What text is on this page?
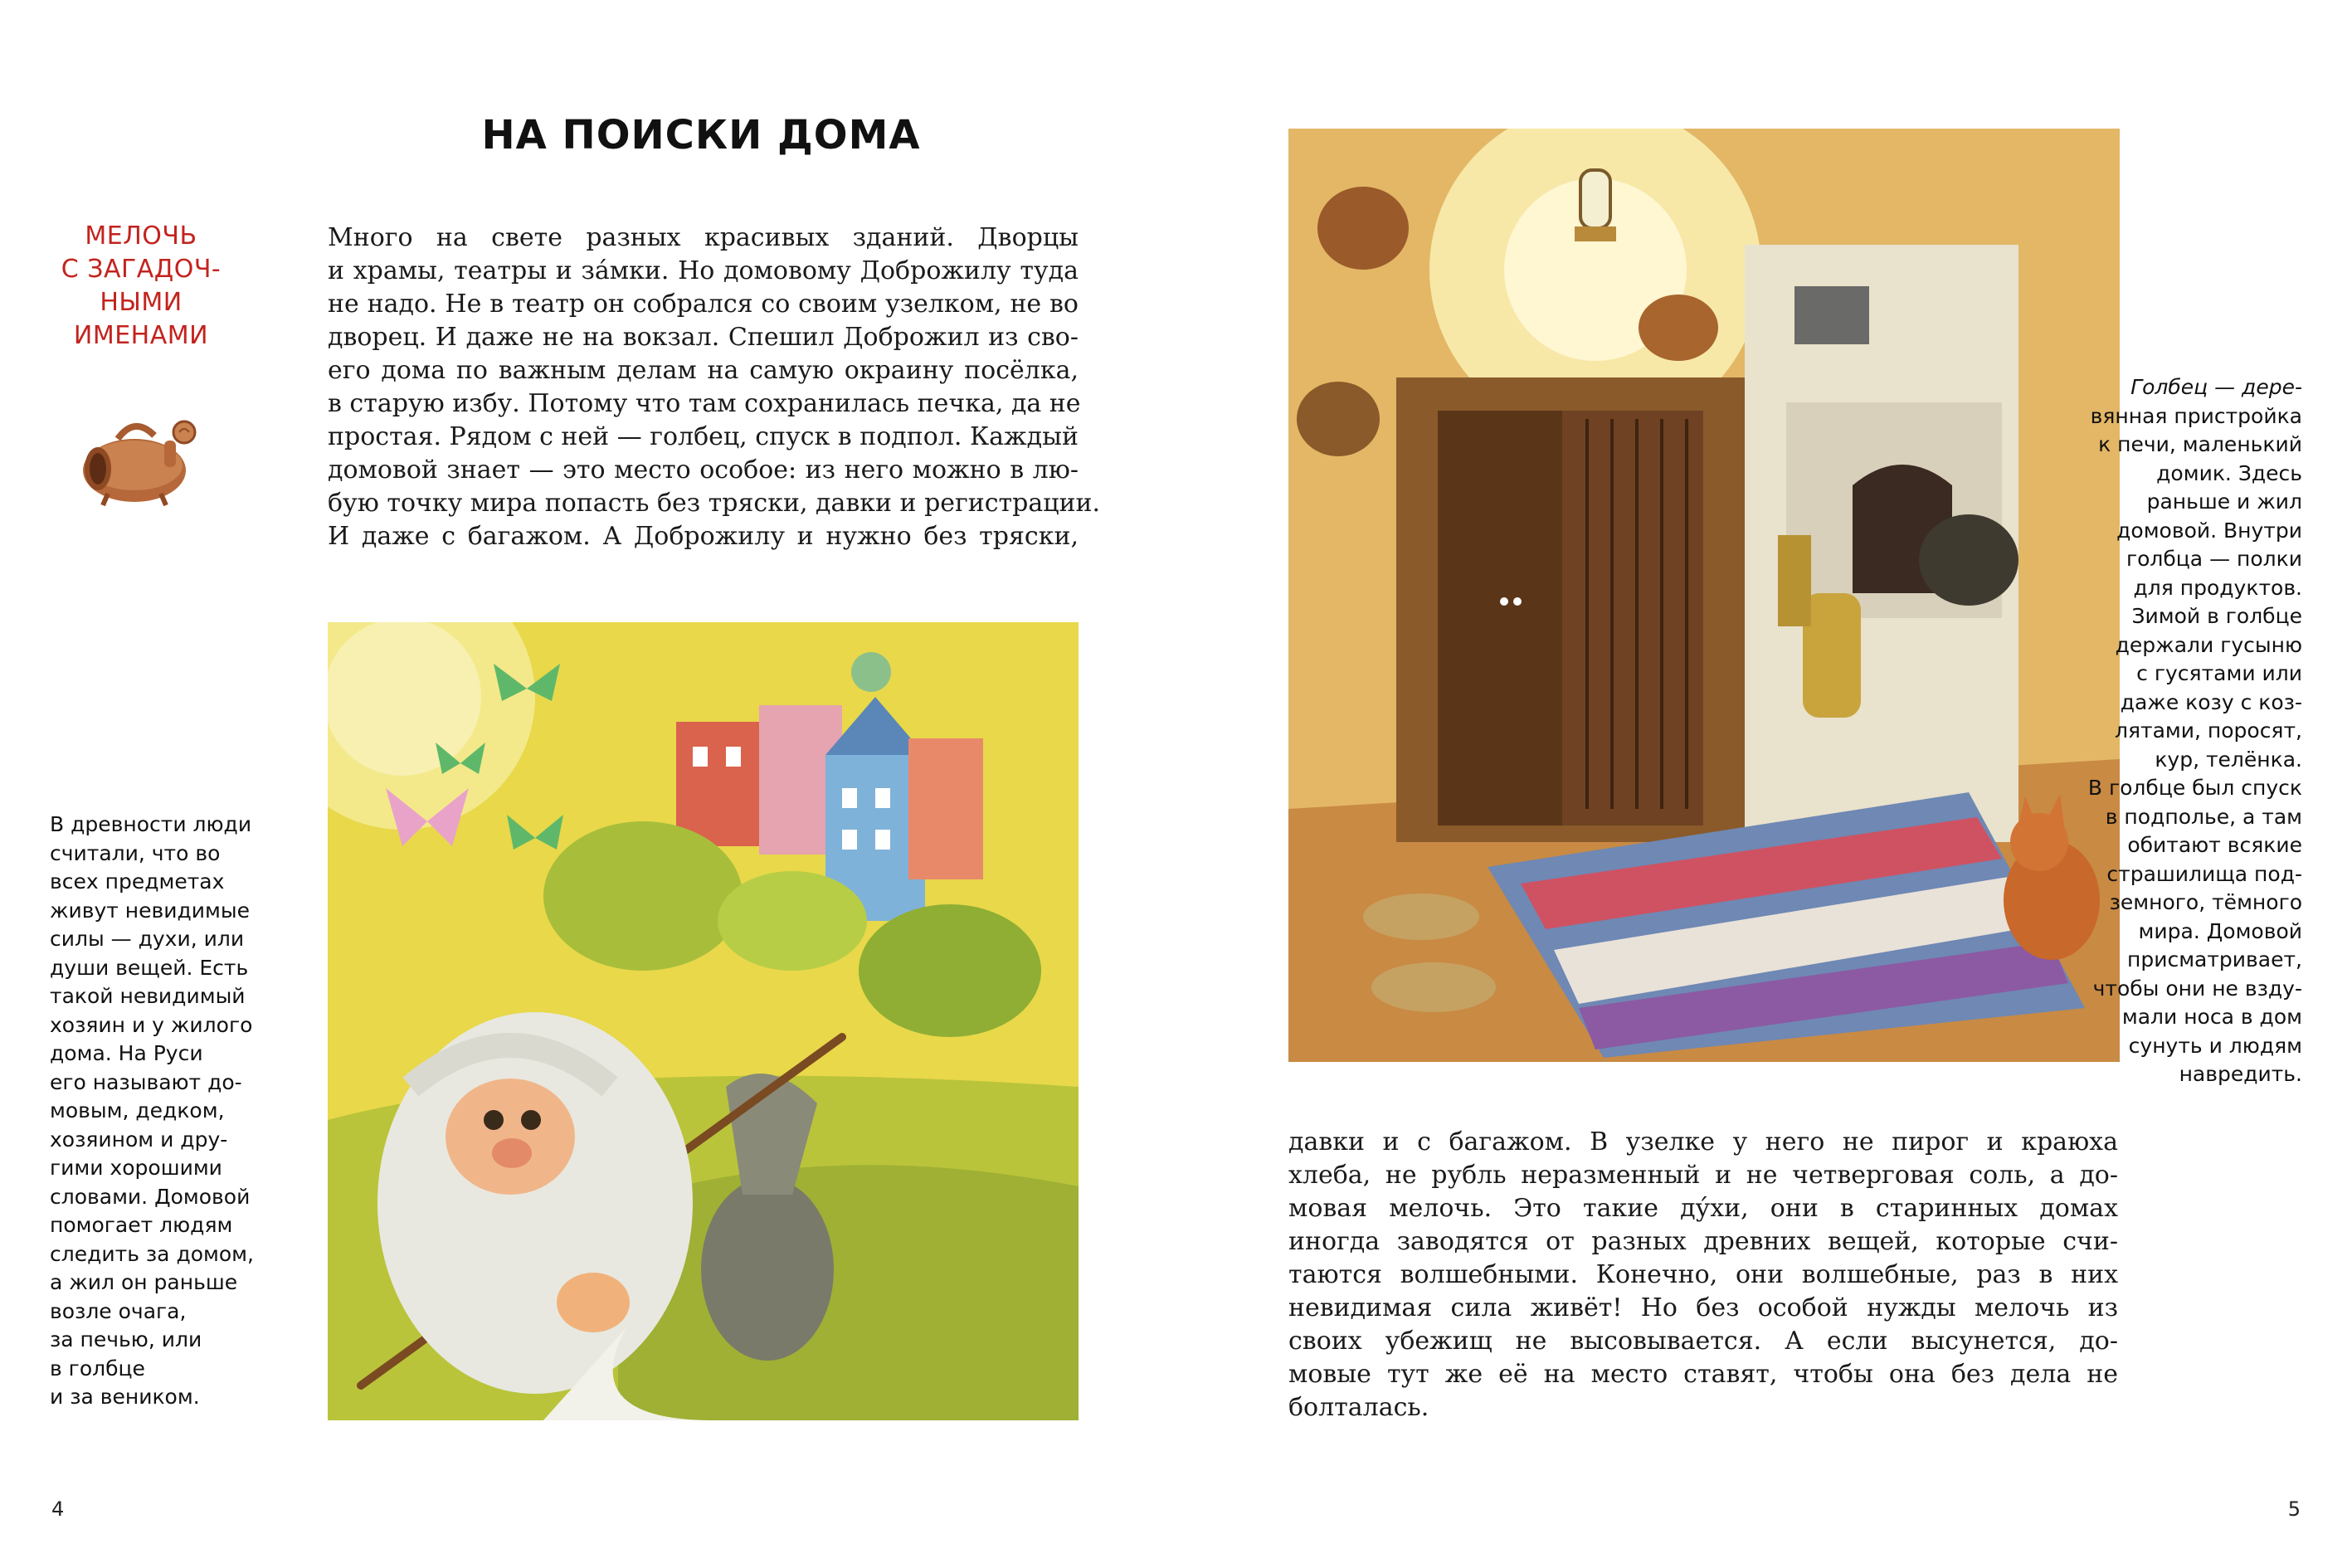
НА ПОИСКИ ДОМА
МЕЛОЧЬ
С ЗАГАДОЧ-
НЫМИ
ИМЕНАМИ
Много на свете разных красивых зданий. Дворцы
и храмы, театры и за́мки. Но домовому Доброжилу туда
не надо. Не в театр он собрался со своим узелком, не во
дворец. И даже не на вокзал. Спешил Доброжил из сво-
его дома по важным делам на самую окраину посёлка,
в старую избу. Потому что там сохранилась печка, да не
простая. Рядом с ней — голбец, спуск в подпол. Каждый
домовой знает — это место особое: из него можно в лю-
бую точку мира попасть без тряски, давки и регистрации.
И даже с багажом. А Доброжилу и нужно без тряски,
В древности люди
считали, что во
всех предметах
живут невидимые
силы — духи, или
души вещей. Есть
такой невидимый
хозяин и у жилого
дома. На Руси
его называют до-
мовым, дедком,
хозяином и дру-
гими хорошими
словами. Домовой
помогает людям
следить за домом,
а жил он раньше
возле очага,
за печью, или
в голбце
и за веником.
4
Голбец — дере-
вянная пристройка
к печи, маленький
домик. Здесь
раньше и жил
домовой. Внутри
голбца — полки
для продуктов.
Зимой в голбце
держали гусыню
с гусятами или
даже козу с коз-
лятами, поросят,
кур, телёнка.
В голбце был спуск
в подполье, а там
обитают всякие
страшилища под-
земного, тёмного
мира. Домовой
присматривает,
чтобы они не взду-
мали носа в дом
сунуть и людям
навредить.
давки и с багажом. В узелке у него не пирог и краюха
хлеба, не рубль неразменный и не четверговая соль, а до-
мовая мелочь. Это такие ду́хи, они в старинных домах
иногда заводятся от разных древних вещей, которые счи-
таются волшебными. Конечно, они волшебные, раз в них
невидимая сила живёт! Но без особой нужды мелочь из
своих убежищ не высовывается. А если высунется, до-
мовые тут же её на место ставят, чтобы она без дела не
болталась.
5
